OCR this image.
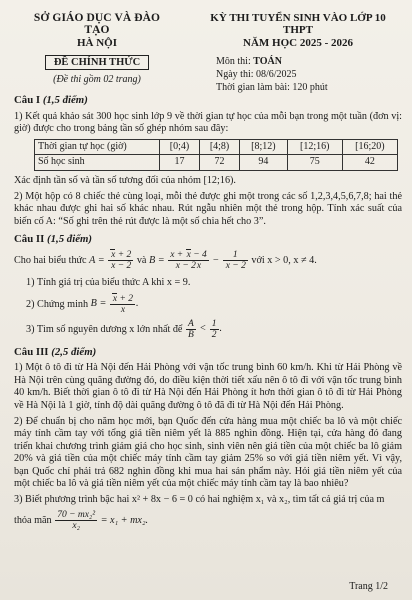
SỞ GIÁO DỤC VÀ ĐÀO TẠO
HÀ NỘI
ĐỀ CHÍNH THỨC
(Đề thi gồm 02 trang)
KỲ THI TUYỂN SINH VÀO LỚP 10 THPT
NĂM HỌC 2025 - 2026
Môn thi: TOÁN
Ngày thi: 08/6/2025
Thời gian làm bài: 120 phút
Câu I (1,5 điểm)

1) Kết quả khảo sát 300 học sinh lớp 9 về thời gian tự học của mỗi bạn trong một tuần (đơn vị: giờ) được cho trong bảng tần số ghép nhóm sau đây:

Thời gian tự học (giờ)	[0;4)	[4;8)	[8;12)	[12;16)	[16;20)
Số học sinh	17	72	94	75	42

Xác định tần số và tần số tương đối của nhóm [12;16).

2) Một hộp có 8 chiếc thẻ cùng loại, mỗi thẻ được ghi một trong các số 1,2,3,4,5,6,7,8; hai thẻ khác nhau được ghi hai số khác nhau. Rút ngẫu nhiên một thẻ trong hộp. Tính xác suất của biến cố A: “Số ghi trên thẻ rút được là một số chia hết cho 3”.

Câu II (1,5 điểm)

Cho hai biểu thức $A = \frac{x + 2}{x - 2}$ và $B = \frac{x + x - 4}{x - 2x} - \frac{1}{x - 2}$ với x > 0, x ≠ 4.

1) Tính giá trị của biểu thức A khi x = 9.

2) Chứng minh $B = \frac{x + 2}{x}$ .

3) Tìm số nguyên dương x lớn nhất để $\frac{A}{B} < \frac{1}{2}$ .

Câu III (2,5 điểm)

1) Một ô tô đi từ Hà Nội đến Hải Phòng với vận tốc trung bình 60 km/h. Khi từ Hải Phòng về Hà Nội trên cùng quãng đường đó, do điều kiện thời tiết xấu nên ô tô đi với vận tốc trung bình 40 km/h. Biết thời gian ô tô đi từ Hà Nội đến Hải Phòng ít hơn thời gian ô tô đi từ Hải Phòng về Hà Nội là 1 giờ, tính độ dài quãng đường ô tô đã đi từ Hà Nội đến Hải Phòng.

2) Để chuẩn bị cho năm học mới, bạn Quốc đến cửa hàng mua một chiếc ba lô và một chiếc máy tính cầm tay với tổng giá tiền niêm yết là 885 nghìn đồng. Hiện tại, cửa hàng đó đang triển khai chương trình giảm giá cho học sinh, sinh viên nên giá tiền của một chiếc ba lô giảm 20% và giá tiền của một chiếc máy tính cầm tay giảm 25% so với giá tiền niêm yết. Vì vậy, bạn Quốc chỉ phải trả 682 nghìn đồng khi mua hai sản phẩm này. Hỏi giá tiền niêm yết của một chiếc ba lô và giá tiền niêm yết của một chiếc máy tính cầm tay là bao nhiêu?

3) Biết phương trình bậc hai x² + 8x − 6 = 0 có hai nghiệm x₁ và x₂, tìm tất cả giá trị của m

thỏa mãn $\frac{\text{70 − mx₂²}}{\text{x₂}} = x_1 + mx_2$.

Trang 1/2
